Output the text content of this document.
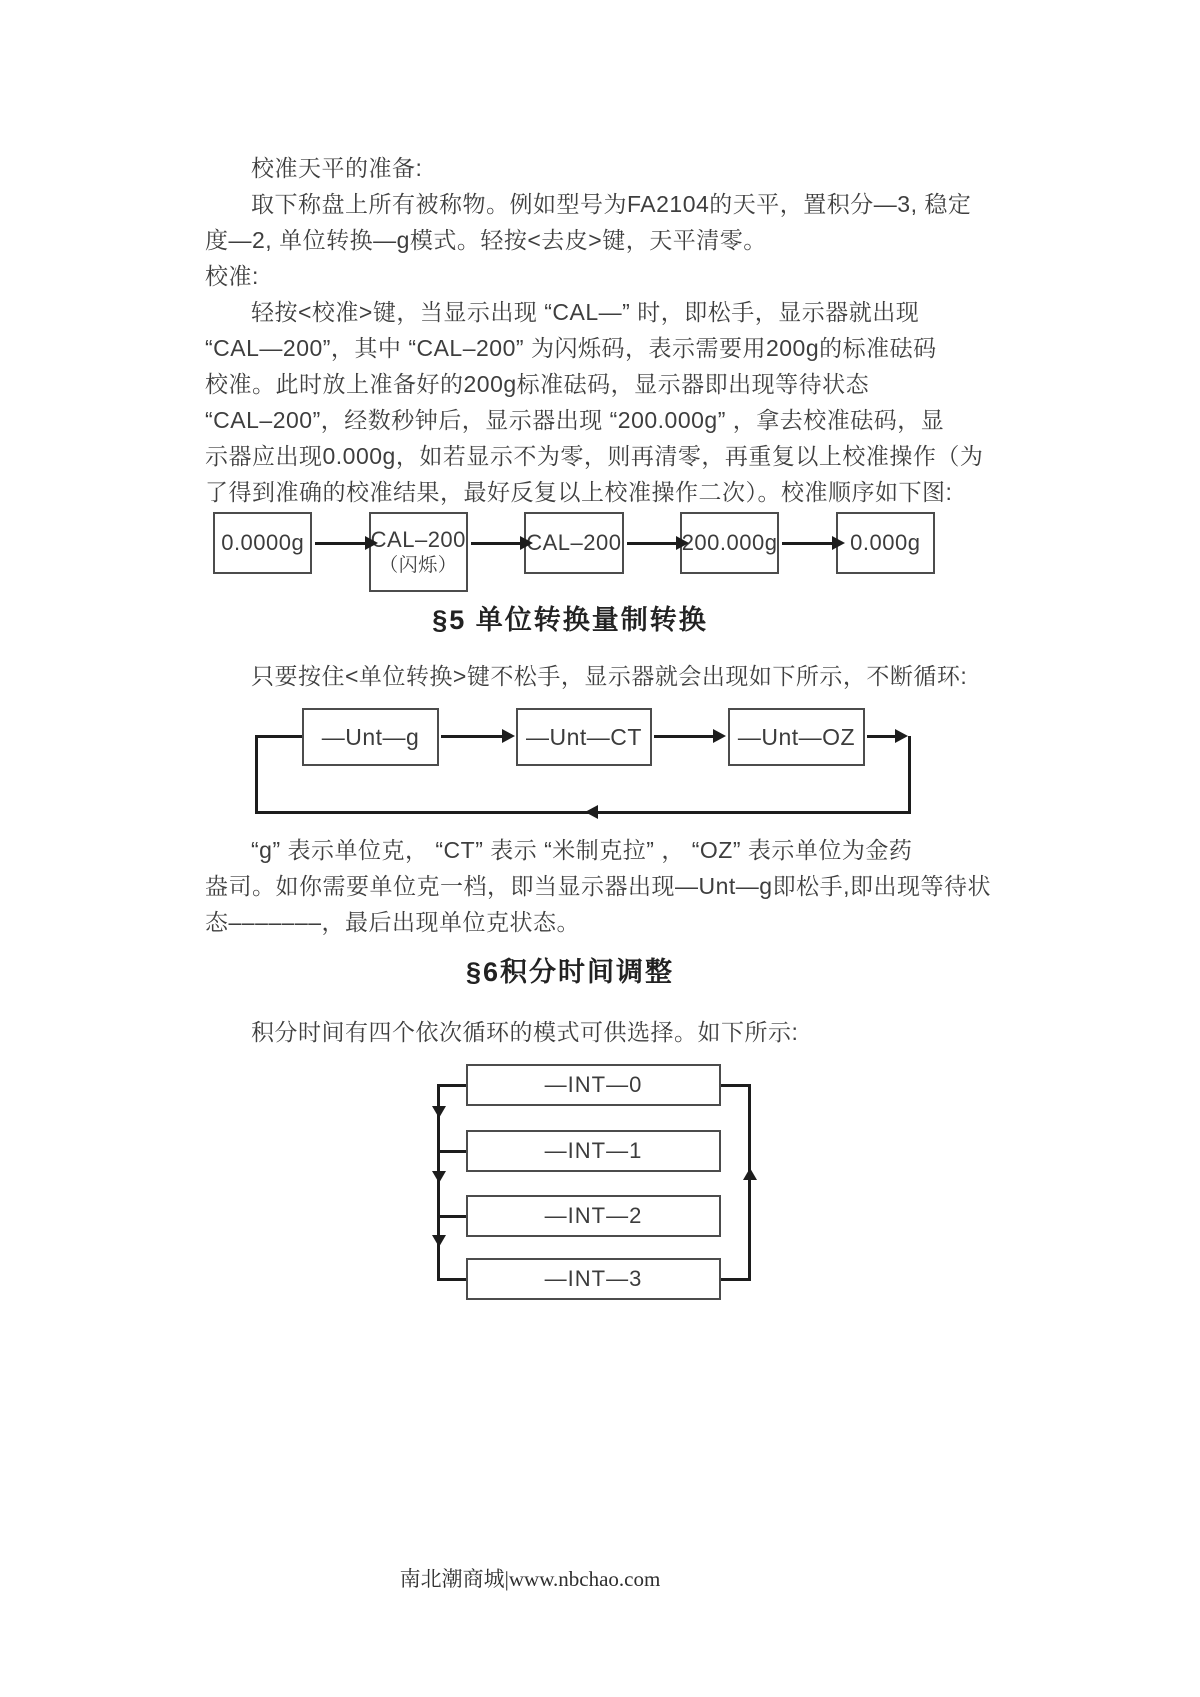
校准天平的准备:
取下称盘上所有被称物。例如型号为FA2104的天平，置积分—3, 稳定
度—2, 单位转换—g模式。轻按<去皮>键，天平清零。
校准:
轻按<校准>键，当显示出现 “CAL—” 时，即松手，显示器就出现
“CAL—200”，其中 “CAL–200” 为闪烁码，表示需要用200g的标准砝码
校准。此时放上准备好的200g标准砝码，显示器即出现等待状态
“CAL–200”，经数秒钟后，显示器出现 “200.000g” ，拿去校准砝码，显
示器应出现0.000g，如若显示不为零，则再清零，再重复以上校准操作（为
了得到准确的校准结果，最好反复以上校准操作二次）。校准顺序如下图:
0.0000g	CAL–200
（闪烁）
CAL–200	200.000g	0.000g
§5 单位转换量制转换
只要按住<单位转换>键不松手，显示器就会出现如下所示，不断循环:
—Unt—g	—Unt—CT	—Unt—OZ
“g” 表示单位克， “CT” 表示 “米制克拉” ， “OZ” 表示单位为金药
盎司。如你需要单位克一档，即当显示器出现—Unt—g即松手,即出现等待状
态–––––––，最后出现单位克状态。
§6积分时间调整
积分时间有四个依次循环的模式可供选择。如下所示:
—INT—0
—INT—1
—INT—2
—INT—3
南北潮商城|www.nbchao.com
